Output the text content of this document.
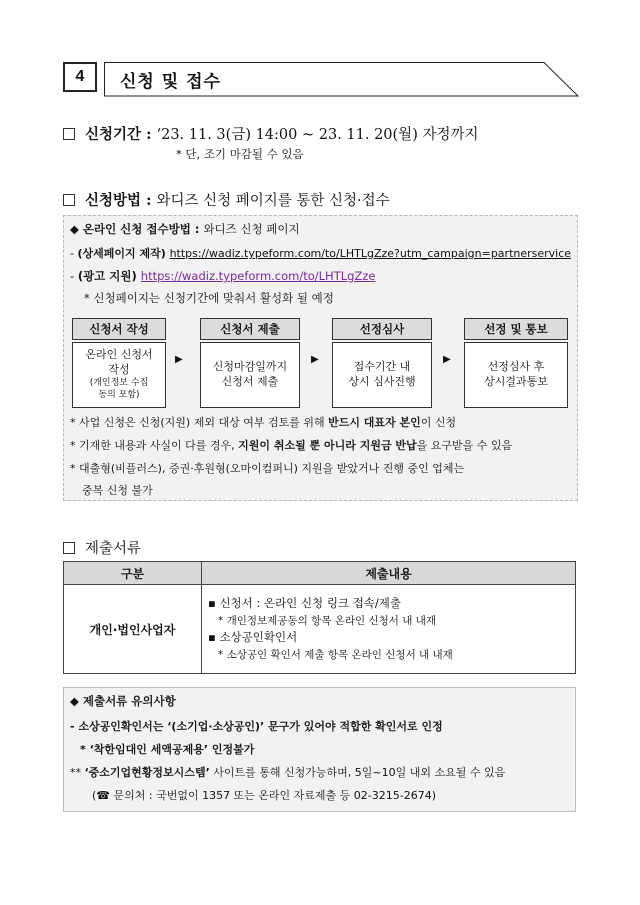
4	신청 및 접수
신청기간 : ‘23. 11. 3(금) 14:00 ~ 23. 11. 20(월) 자정까지
* 단, 조기 마감될 수 있음
신청방법 : 와디즈 신청 페이지를 통한 신청·접수
◆ 온라인 신청 접수방법 : 와디즈 신청 페이지
- (상세페이지 제작) https://wadiz.typeform.com/to/LHTLgZze?utm_campaign=partnerservice
- (광고 지원) https://wadiz.typeform.com/to/LHTLgZze
* 신청페이지는 신청기간에 맞춰서 활성화 될 예정
신청서 작성
온라인 신청서
작성
(개인정보 수집
동의 포함)
▶
신청서 제출
신청마감일까지
신청서 제출
▶
선정심사
접수기간 내
상시 심사진행
▶
선정 및 통보
선정심사 후
상시결과통보
* 사업 신청은 신청(지원) 제외 대상 여부 검토를 위해 반드시 대표자 본인이 신청
* 기재한 내용과 사실이 다를 경우, 지원이 취소될 뿐 아니라 지원금 반납을 요구받을 수 있음
* 대출형(비플러스), 증권·후원형(오마이컴퍼니) 지원을 받았거나 진행 중인 업체는
중복 신청 불가
제출서류
구분	제출내용
개인·법인사업자	▪ 신청서 : 온라인 신청 링크 접속/제출
* 개인정보제공동의 항목 온라인 신청서 내 내재
▪ 소상공인확인서
* 소상공인 확인서 제출 항목 온라인 신청서 내 내재
◆ 제출서류 유의사항
- 소상공인확인서는 ‘(소기업·소상공인)’ 문구가 있어야 적합한 확인서로 인정
* ‘착한임대인 세액공제용’ 인정불가
** ‘중소기업현황정보시스템’ 사이트를 통해 신청가능하며, 5일~10일 내외 소요될 수 있음
(☎ 문의처 : 국번없이 1357 또는 온라인 자료제출 등 02-3215-2674)
